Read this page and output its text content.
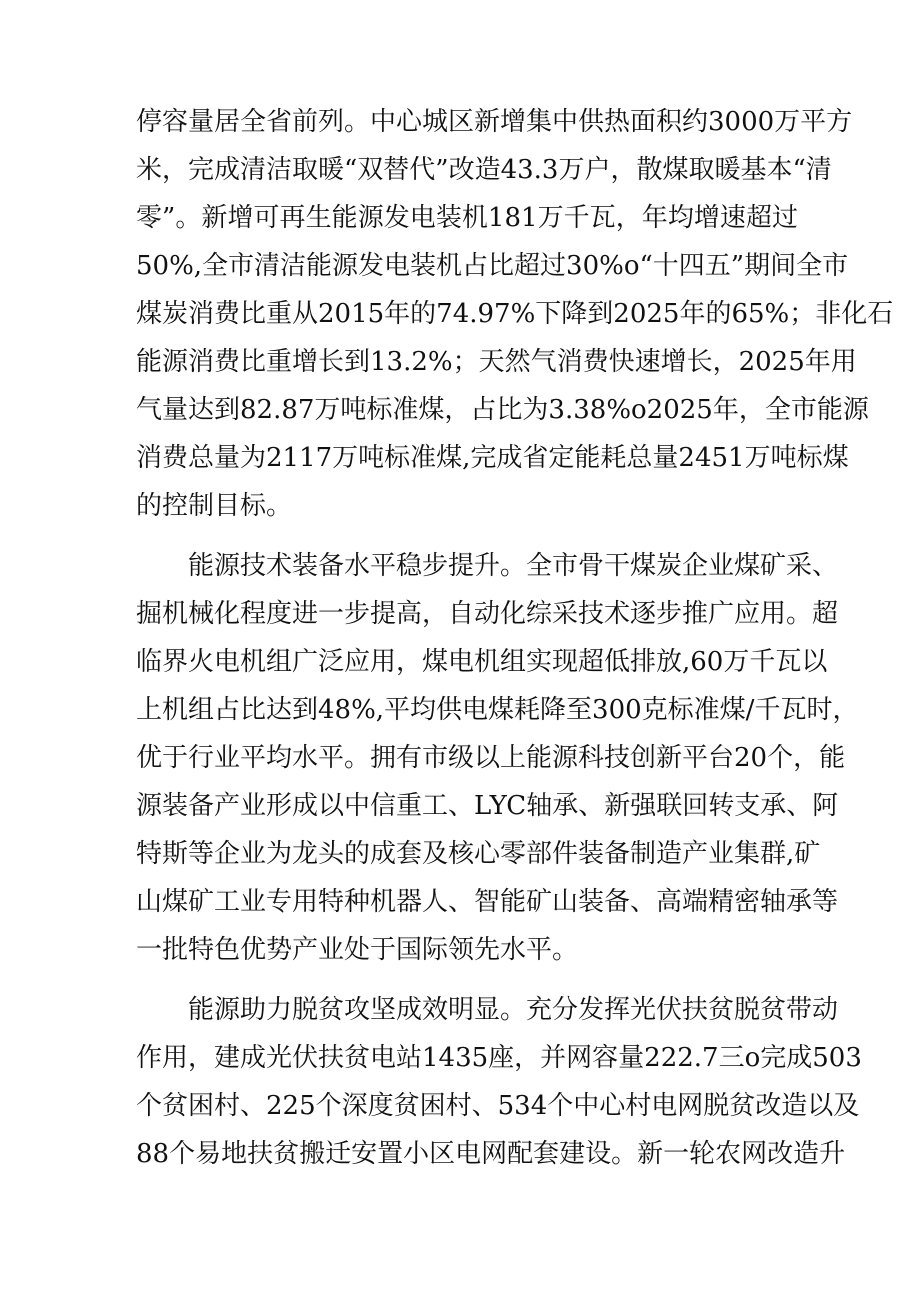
停容量居全省前列。中心城区新增集中供热面积约3000万平方
米，完成清洁取暖“双替代”改造43.3万户，散煤取暖基本“清
零”。新增可再生能源发电装机181万千瓦，年均增速超过
50%,全市清洁能源发电装机占比超过30%o“十四五”期间全市
煤炭消费比重从2015年的74.97%下降到2025年的65%；非化石
能源消费比重增长到13.2%；天然气消费快速增长，2025年用
气量达到82.87万吨标准煤，占比为3.38%o2025年，全市能源
消费总量为2117万吨标准煤,完成省定能耗总量2451万吨标煤
的控制目标。
能源技术装备水平稳步提升。全市骨干煤炭企业煤矿采、
掘机械化程度进一步提高，自动化综采技术逐步推广应用。超
临界火电机组广泛应用，煤电机组实现超低排放,60万千瓦以
上机组占比达到48%,平均供电煤耗降至300克标准煤/千瓦时，
优于行业平均水平。拥有市级以上能源科技创新平台20个，能
源装备产业形成以中信重工、LYC轴承、新强联回转支承、阿
特斯等企业为龙头的成套及核心零部件装备制造产业集群,矿
山煤矿工业专用特种机器人、智能矿山装备、高端精密轴承等
一批特色优势产业处于国际领先水平。
能源助力脱贫攻坚成效明显。充分发挥光伏扶贫脱贫带动
作用，建成光伏扶贫电站1435座，并网容量222.7三o完成503
个贫困村、225个深度贫困村、534个中心村电网脱贫改造以及
88个易地扶贫搬迁安置小区电网配套建设。新一轮农网改造升
